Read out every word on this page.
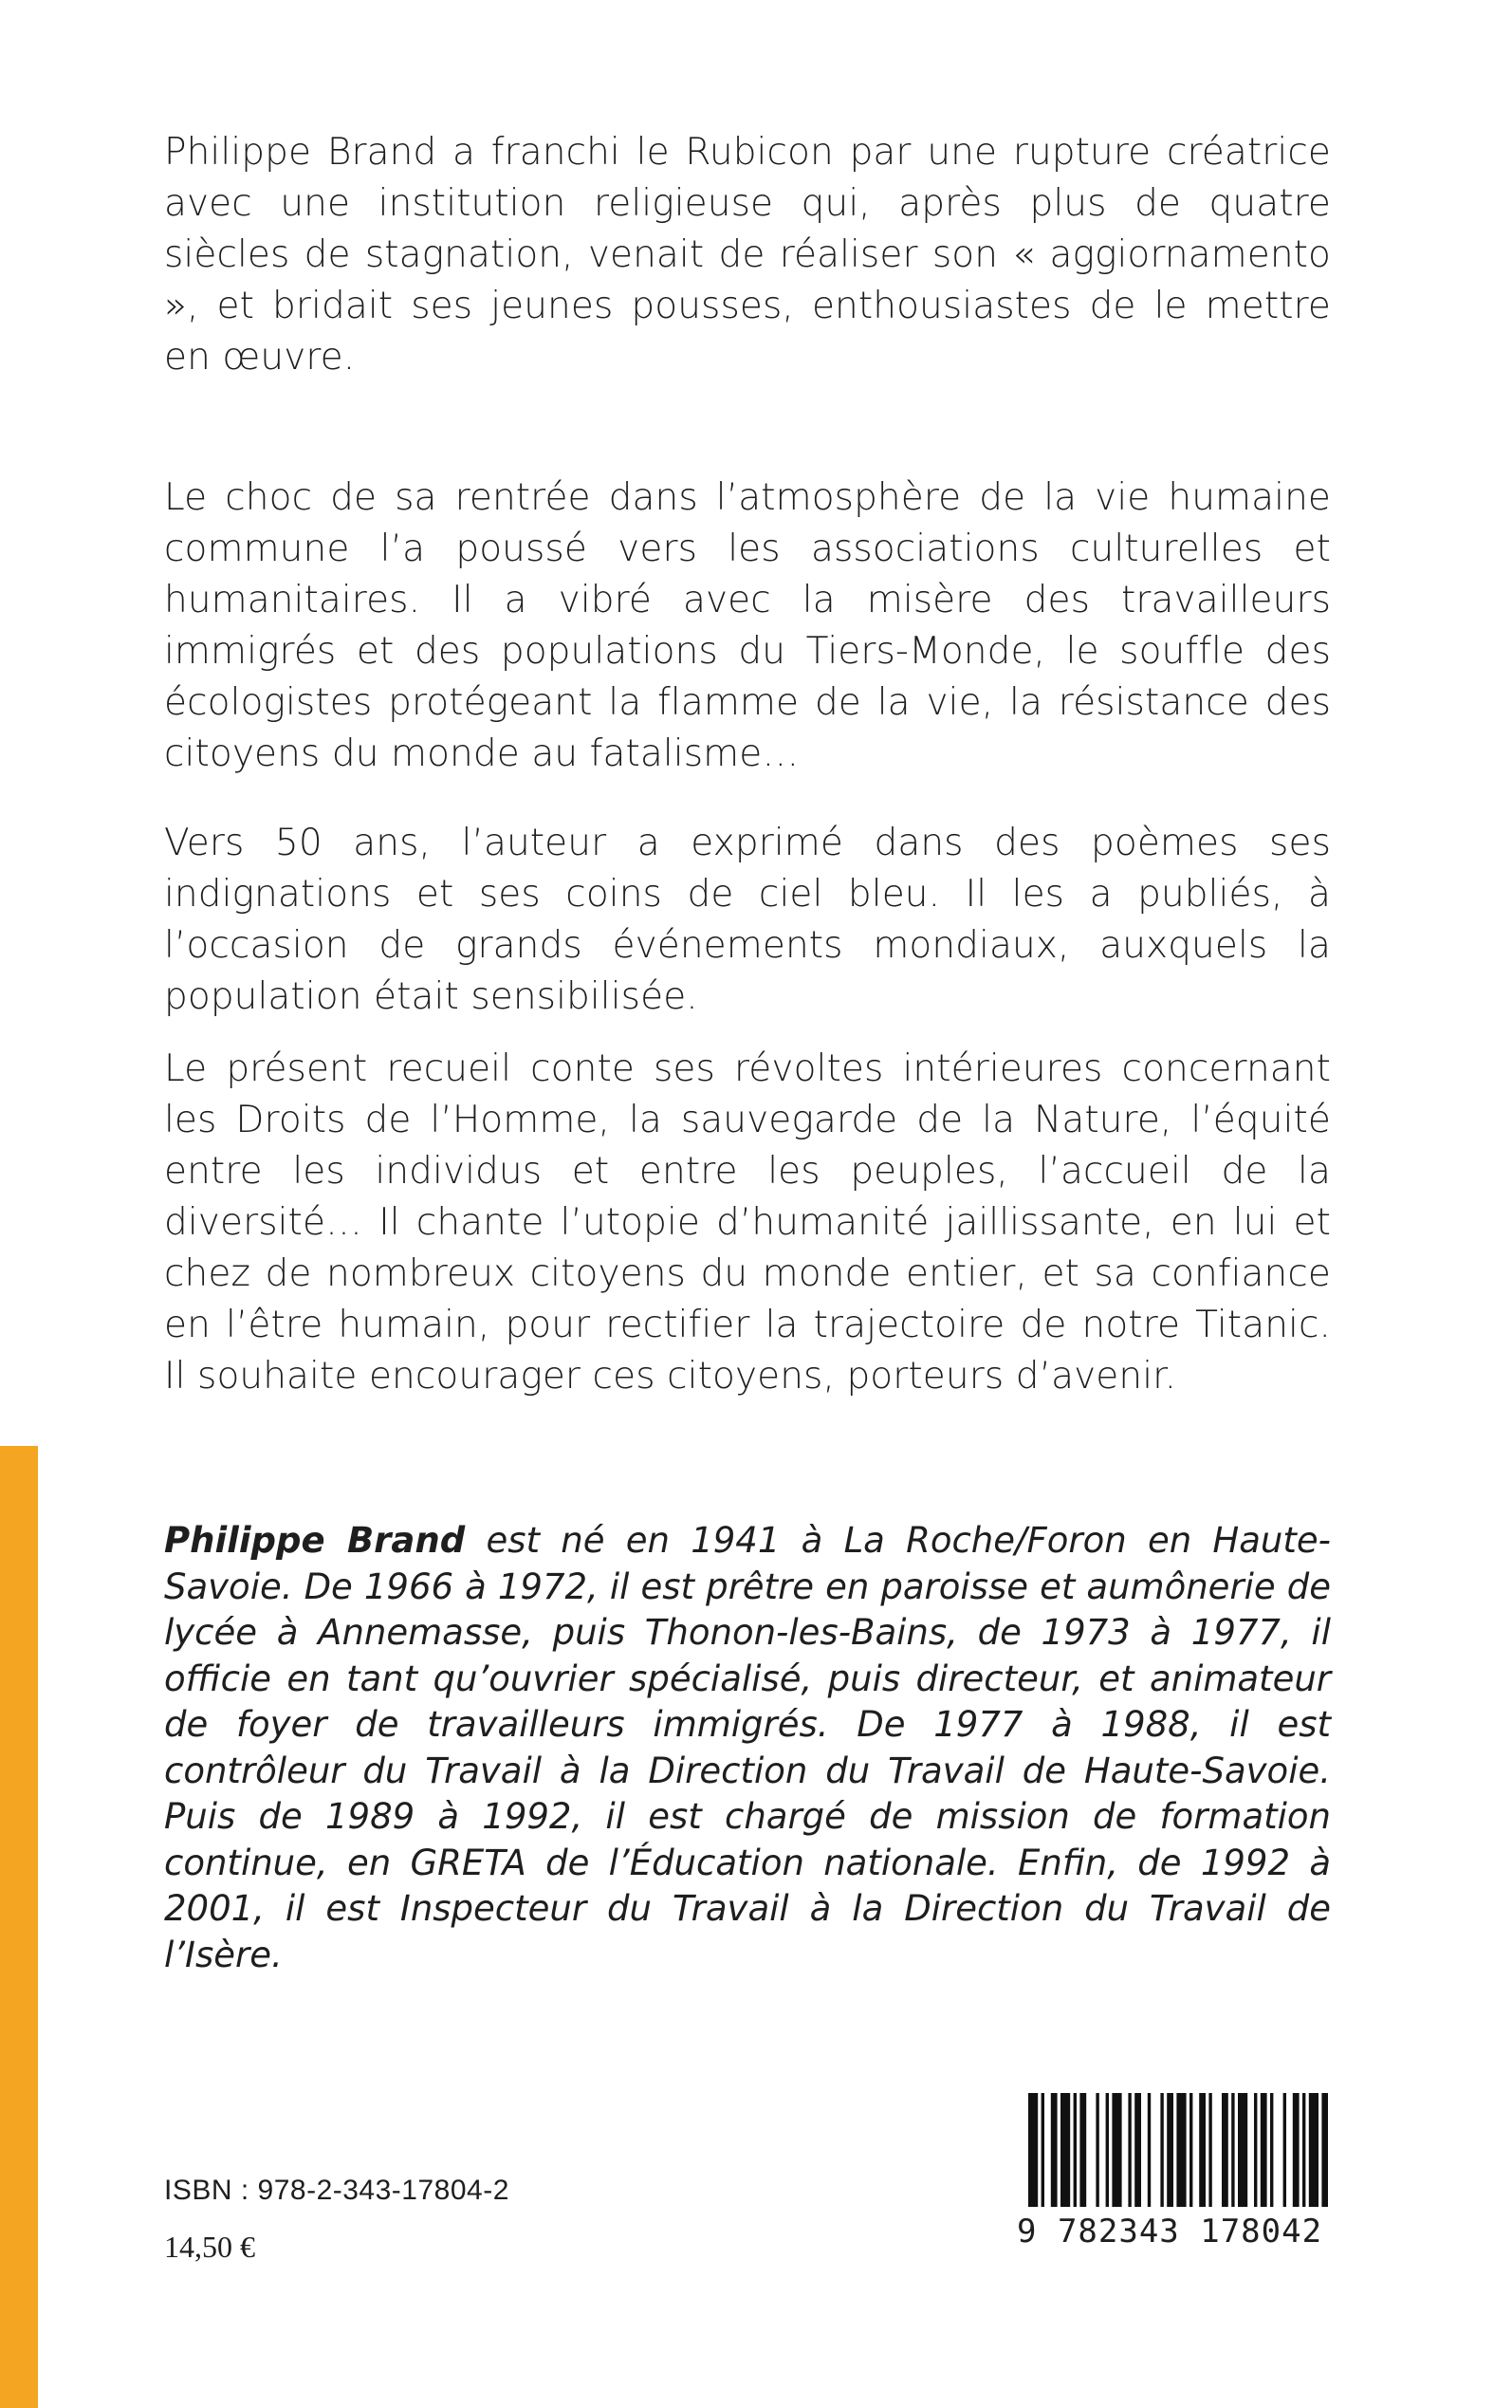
Philippe Brand a franchi le Rubicon par une rupture créatrice avec une institution religieuse qui, après plus de quatre siècles de stagnation, venait de réaliser son « aggiornamento », et bridait ses jeunes pousses, enthousiastes de le mettre en œuvre.

Le choc de sa rentrée dans l’atmosphère de la vie humaine commune l’a poussé vers les associations culturelles et humanitaires. Il a vibré avec la misère des travailleurs immigrés et des populations du Tiers-Monde, le souffle des écologistes protégeant la flamme de la vie, la résistance des citoyens du monde au fatalisme…

Vers 50 ans, l’auteur a exprimé dans des poèmes ses indignations et ses coins de ciel bleu. Il les a publiés, à l’occasion de grands événements mondiaux, auxquels la population était sensibilisée.

Le présent recueil conte ses révoltes intérieures concernant les Droits de l’Homme, la sauvegarde de la Nature, l’équité entre les individus et entre les peuples, l’accueil de la diversité… Il chante l’utopie d’humanité jaillissante, en lui et chez de nombreux citoyens du monde entier, et sa confiance en l’être humain, pour rectifier la trajectoire de notre Titanic. Il souhaite encourager ces citoyens, porteurs d’avenir.

Philippe Brand est né en 1941 à La Roche/Foron en Haute-Savoie. De 1966 à 1972, il est prêtre en paroisse et aumônerie de lycée à Annemasse, puis Thonon-les-Bains, de 1973 à 1977, il officie en tant qu’ouvrier spécialisé, puis directeur, et animateur de foyer de travailleurs immigrés. De 1977 à 1988, il est contrôleur du Travail à la Direction du Travail de Haute-Savoie. Puis de 1989 à 1992, il est chargé de mission de formation continue, en GRETA de l’Éducation nationale. Enfin, de 1992 à 2001, il est Inspecteur du Travail à la Direction du Travail de l’Isère.

ISBN : 978-2-343-17804-2
14,50 €	9 782343 178042
